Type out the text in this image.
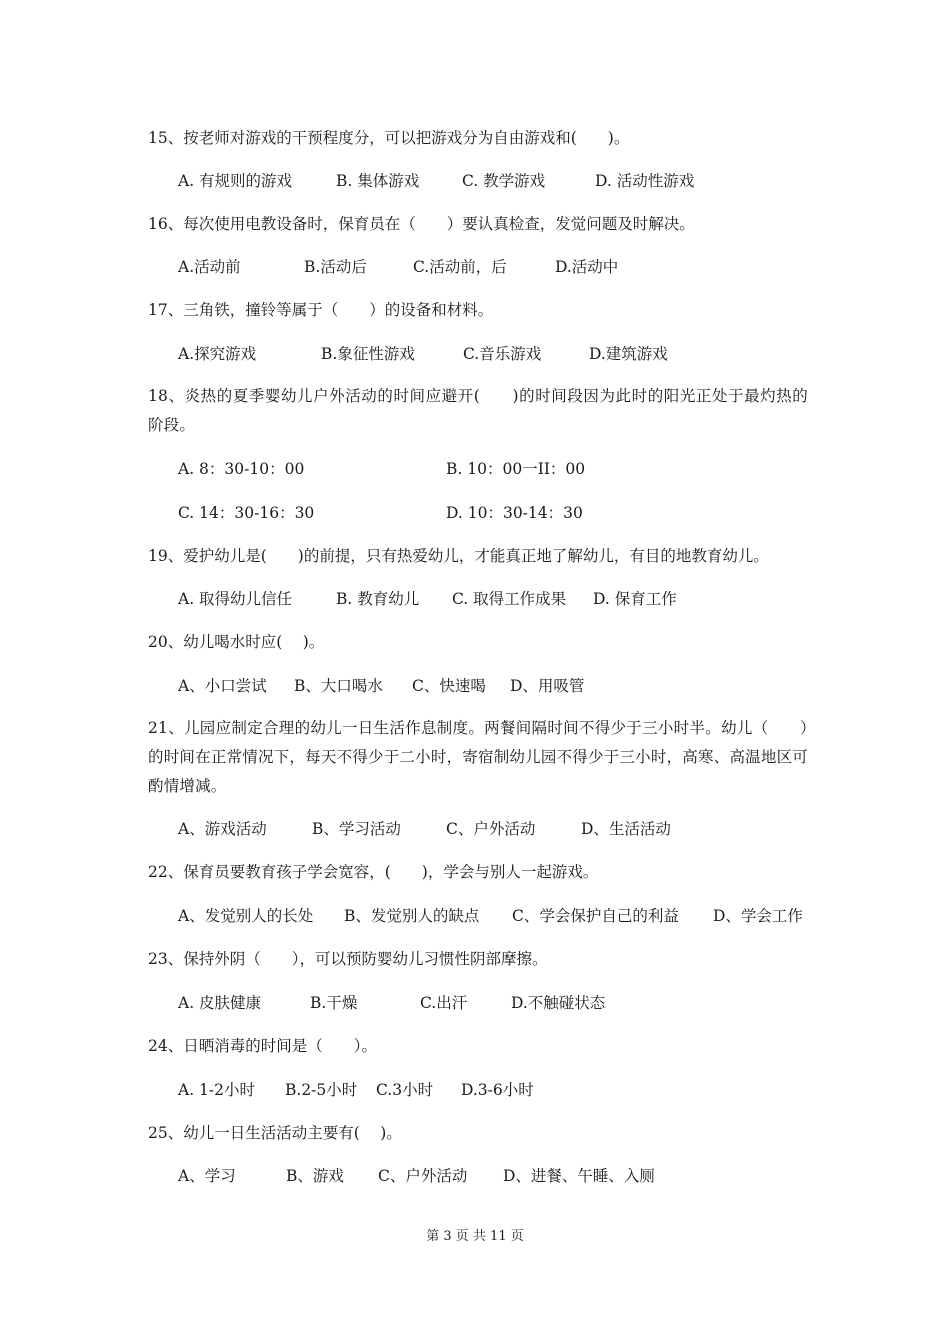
15、按老师对游戏的干预程度分，可以把游戏分为自由游戏和(　　)。
A. 有规则的游戏	B. 集体游戏	C. 教学游戏	D. 活动性游戏
16、每次使用电教设备时，保育员在（　　）要认真检查，发觉问题及时解决。
A.活动前	B.活动后	C.活动前，后	D.活动中
17、三角铁，撞铃等属于（　　）的设备和材料。
A.探究游戏	B.象征性游戏	C.音乐游戏	D.建筑游戏
18、炎热的夏季婴幼儿户外活动的时间应避开(　　)的时间段因为此时的阳光正处于最灼热的阶段。
A. 8：30-10：00	B. 10：00一II：00
C. 14：30-16：30	D. 10：30-14：30
19、爱护幼儿是(　　)的前提，只有热爱幼儿，才能真正地了解幼儿，有目的地教育幼儿。
A. 取得幼儿信任	B. 教育幼儿 C. 取得工作成果 D. 保育工作
20、幼儿喝水时应(　 )。
A、小口尝试 B、大口喝水 C、快速喝 D、用吸管
21、儿园应制定合理的幼儿一日生活作息制度。两餐间隔时间不得少于三小时半。幼儿（　　）的时间在正常情况下，每天不得少于二小时，寄宿制幼儿园不得少于三小时，高寒、高温地区可酌情增减。
A、游戏活动	B、学习活动	C、户外活动	D、生活活动
22、保育员要教育孩子学会宽容，(　　)，学会与别人一起游戏。
A、发觉别人的长处 B、发觉别人的缺点 C、学会保护自己的利益 D、学会工作
23、保持外阴（　　），可以预防婴幼儿习惯性阴部摩擦。
A. 皮肤健康	B.干燥	C.出汗	D.不触碰状态
24、日晒消毒的时间是（　　）。
A. 1-2小时 B.2-5小时 C.3小时 D.3-6小时
25、幼儿一日生活活动主要有(　 )。
A、学习	B、游戏 C、户外活动 D、进餐、午睡、入厕
第 3 页 共 11 页
